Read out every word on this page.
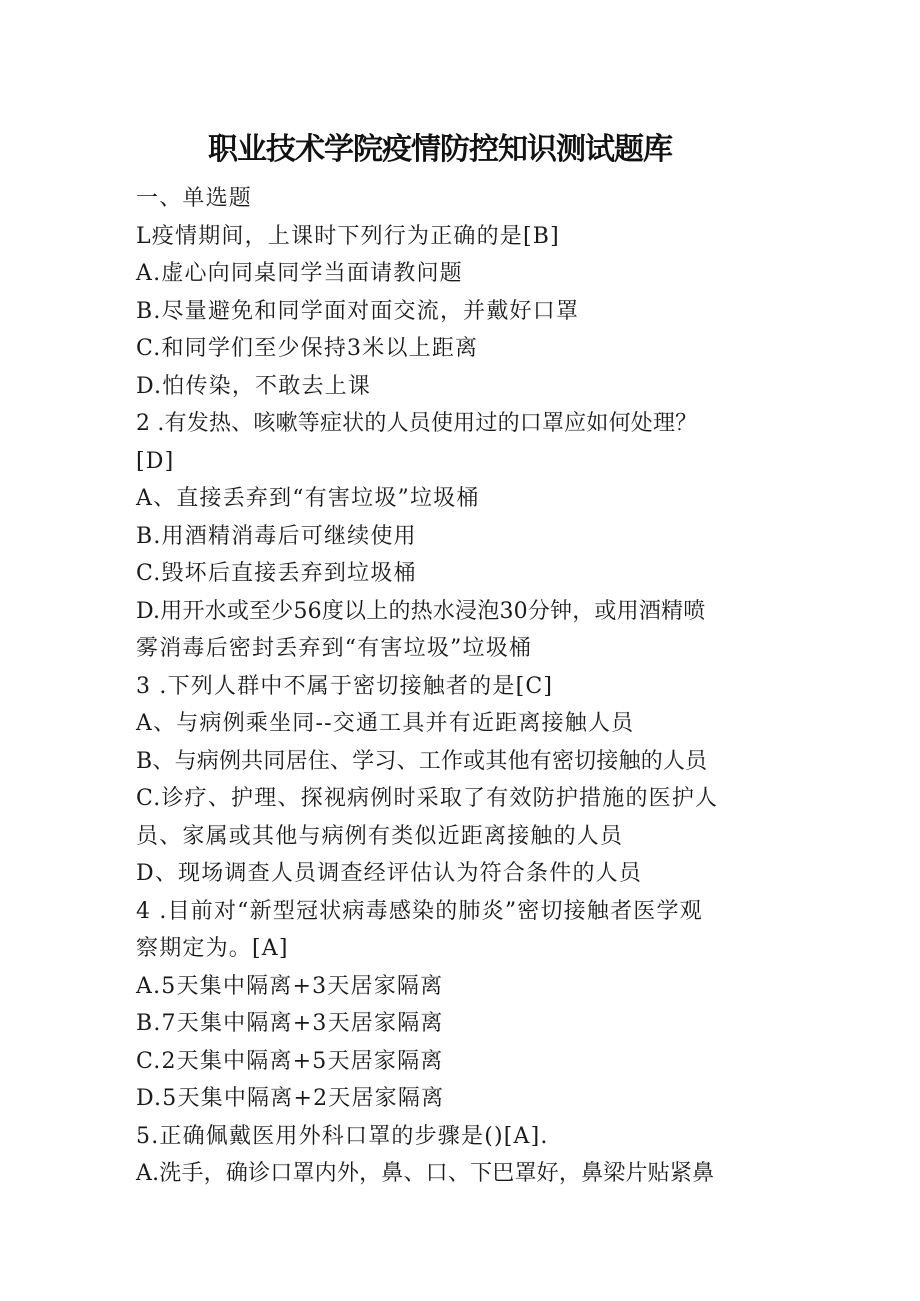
职业技术学院疫情防控知识测试题库
一、单选题
L疫情期间，上课时下列行为正确的是[B]
A.虚心向同桌同学当面请教问题
B.尽量避免和同学面对面交流，并戴好口罩
C.和同学们至少保持3米以上距离
D.怕传染，不敢去上课
2 .有发热、咳嗽等症状的人员使用过的口罩应如何处理？
[D]
A、直接丢弃到“有害垃圾”垃圾桶
B.用酒精消毒后可继续使用
C.毁坏后直接丢弃到垃圾桶
D.用开水或至少56度以上的热水浸泡30分钟，或用酒精喷
雾消毒后密封丢弃到“有害垃圾”垃圾桶
3 .下列人群中不属于密切接触者的是[C]
A、与病例乘坐同--交通工具并有近距离接触人员
B、与病例共同居住、学习、工作或其他有密切接触的人员
C.诊疗、护理、探视病例时采取了有效防护措施的医护人
员、家属或其他与病例有类似近距离接触的人员
D、现场调查人员调查经评估认为符合条件的人员
4 .目前对“新型冠状病毒感染的肺炎”密切接触者医学观
察期定为。[A]
A.5天集中隔离+3天居家隔离
B.7天集中隔离+3天居家隔离
C.2天集中隔离+5天居家隔离
D.5天集中隔离+2天居家隔离
5.正确佩戴医用外科口罩的步骤是()[A].
A.洗手，确诊口罩内外，鼻、口、下巴罩好，鼻梁片贴紧鼻
